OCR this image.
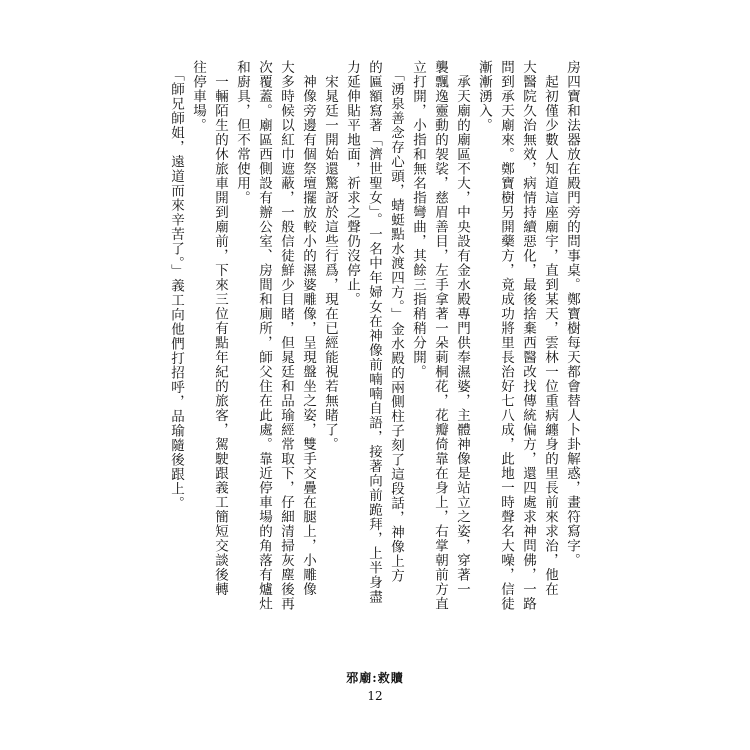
房四寶和法器放在殿門旁的問事桌。鄭寶樹每天都會替人卜卦解惑，畫符寫字。
　起初僅少數人知道這座廟宇，直到某天，雲林一位重病纏身的里長前來求治，他在
大醫院久治無效，病情持續惡化，最後捨棄西醫改找傳統偏方，還四處求神問佛，一路
問到承天廟來。鄭寶樹另開藥方，竟成功將里長治好七八成，此地一時聲名大噪，信徒
漸漸湧入。
　承天廟的廟區不大，中央設有金水殿專門供奉濕婆，主體神像是站立之姿，穿著一
襲飄逸靈動的袈裟，慈眉善目，左手拿著一朵莿桐花，花瓣倚靠在身上，右掌朝前方直
立打開，小指和無名指彎曲，其餘三指稍稍分開。
　「湧泉善念存心頭，蜻蜓點水渡四方。」金水殿的兩側柱子刻了這段話，神像上方
的匾額寫著「濟世聖女」。一名中年婦女在神像前喃喃自語，接著向前跪拜，上半身盡
力延伸貼平地面，祈求之聲仍沒停止。
　宋晁廷一開始還驚訝於這些行爲，現在已經能視若無睹了。
　神像旁邊有個祭壇擺放較小的濕婆雕像，呈現盤坐之姿，雙手交疊在腿上，小雕像
大多時候以紅巾遮蔽，一般信徒鮮少目睹，但晁廷和品瑜經常取下，仔細清掃灰塵後再
次覆蓋。廟區西側設有辦公室、房間和廁所，師父住在此處。靠近停車場的角落有爐灶
和廚具，但不常使用。
　一輛陌生的休旅車開到廟前，下來三位有點年紀的旅客，駕駛跟義工簡短交談後轉
往停車場。
　「師兄師姐，遠道而來辛苦了。」義工向他們打招呼，品瑜隨後跟上。
邪廟:救贖
12
